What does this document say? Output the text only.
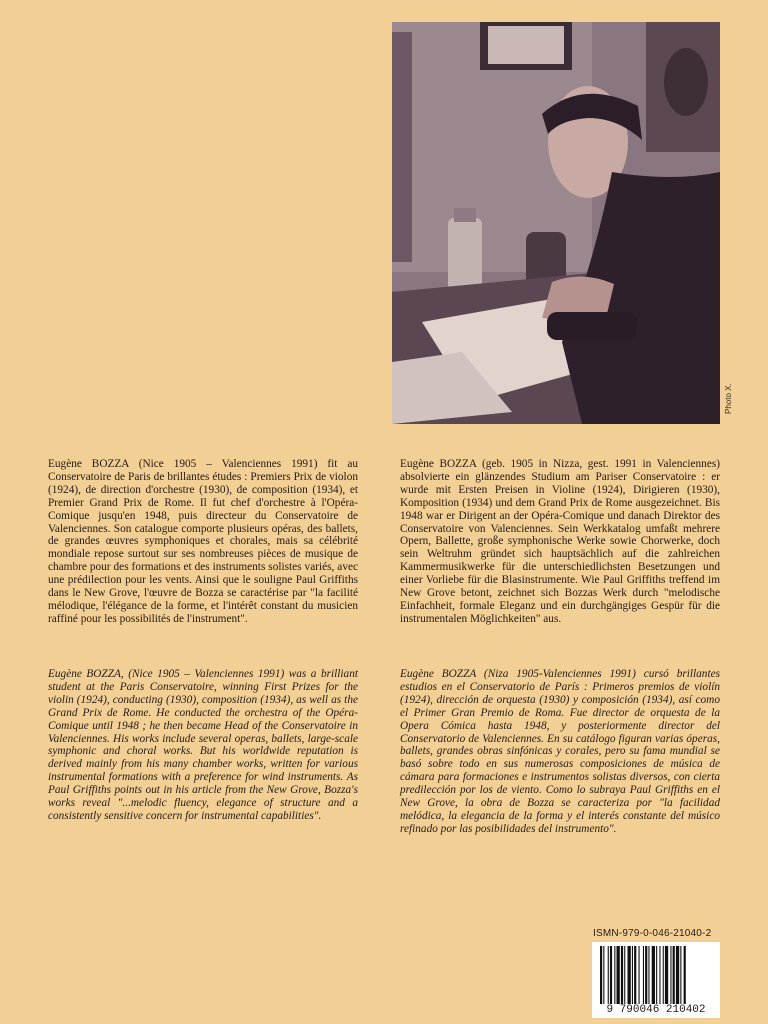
Photo X.
Eugène BOZZA (Nice 1905 – Valenciennes 1991) fit au Conservatoire de Paris de brillantes études : Premiers Prix de violon (1924), de direction d'orchestre (1930), de composition (1934), et Premier Grand Prix de Rome. Il fut chef d'orchestre à l'Opéra-Comique jusqu'en 1948, puis directeur du Conservatoire de Valenciennes. Son catalogue comporte plusieurs opéras, des ballets, de grandes œuvres symphoniques et chorales, mais sa célébrité mondiale repose surtout sur ses nombreuses pièces de musique de chambre pour des formations et des instruments solistes variés, avec une prédilection pour les vents. Ainsi que le souligne Paul Griffiths dans le New Grove, l'œuvre de Bozza se caractérise par "la facilité mélodique, l'élégance de la forme, et l'intérêt constant du musicien raffiné pour les possibilités de l'instrument".
Eugène BOZZA (geb. 1905 in Nizza, gest. 1991 in Valenciennes) absolvierte ein glänzendes Studium am Pariser Conservatoire : er wurde mit Ersten Preisen in Violine (1924), Dirigieren (1930), Komposition (1934) und dem Grand Prix de Rome ausgezeichnet. Bis 1948 war er Dirigent an der Opéra-Comique und danach Direktor des Conservatoire von Valenciennes. Sein Werkkatalog umfaßt mehrere Opern, Ballette, große symphonische Werke sowie Chorwerke, doch sein Weltruhm gründet sich hauptsächlich auf die zahlreichen Kammermusikwerke für die unterschiedlichsten Besetzungen und einer Vorliebe für die Blasinstrumente. Wie Paul Griffiths treffend im New Grove betont, zeichnet sich Bozzas Werk durch "melodische Einfachheit, formale Eleganz und ein durchgängiges Gespür für die instrumentalen Möglichkeiten" aus.
Eugène BOZZA, (Nice 1905 – Valenciennes 1991) was a brilliant student at the Paris Conservatoire, winning First Prizes for the violin (1924), conducting (1930), composition (1934), as well as the Grand Prix de Rome. He conducted the orchestra of the Opéra-Comique until 1948 ; he then became Head of the Conservatoire in Valenciennes. His works include several operas, ballets, large-scale symphonic and choral works. But his worldwide reputation is derived mainly from his many chamber works, written for various instrumental formations with a preference for wind instruments. As Paul Griffiths points out in his article from the New Grove, Bozza's works reveal "...melodic fluency, elegance of structure and a consistently sensitive concern for instrumental capabilities".
Eugène BOZZA (Niza 1905-Valenciennes 1991) cursó brillantes estudios en el Conservatorio de París : Primeros premios de violín (1924), dirección de orquesta (1930) y composición (1934), así como el Primer Gran Premio de Roma. Fue director de orquesta de la Opera Cómica hasta 1948, y posteriormente director del Conservatorio de Valenciennes. En su catálogo figuran varias óperas, ballets, grandes obras sinfónicas y corales, pero su fama mundial se basó sobre todo en sus numerosas composiciones de música de cámara para formaciones e instrumentos solistas diversos, con cierta predilección por los de viento. Como lo subraya Paul Griffiths en el New Grove, la obra de Bozza se caracteriza por "la facilidad melódica, la elegancia de la forma y el interés constante del músico refinado por las posibilidades del instrumento".
ISMN-979-0-046-21040-2
9 790046 210402
